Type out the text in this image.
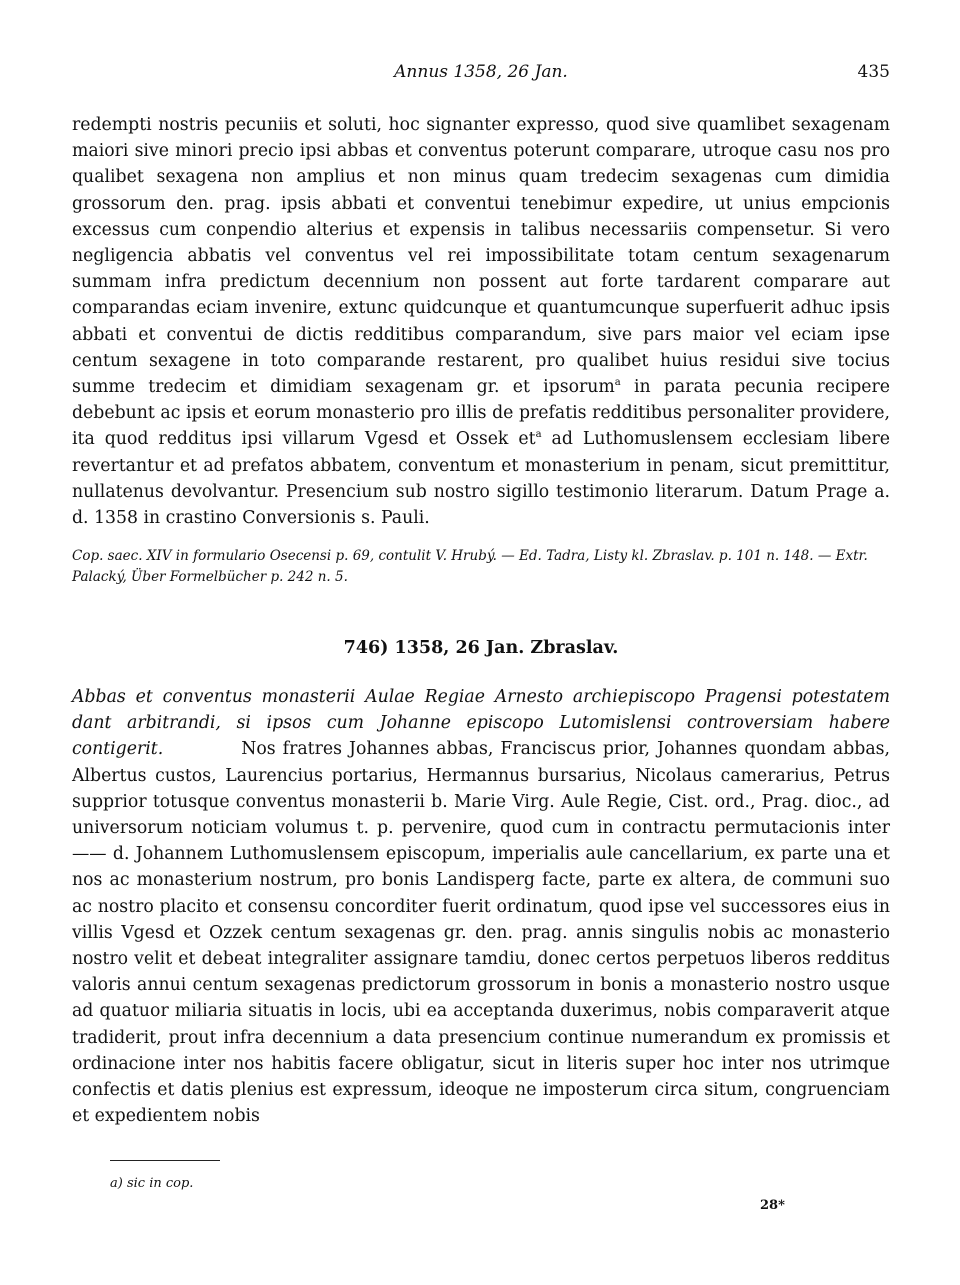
Annus 1358, 26 Jan.	435
redempti nostris pecuniis et soluti, hoc signanter expresso, quod sive quamlibet sexagenam maiori sive minori precio ipsi abbas et conventus poterunt comparare, utroque casu nos pro qualibet sexagena non amplius et non minus quam tredecim sexagenas cum dimidia grossorum den. prag. ipsis abbati et conventui tenebimur expedire, ut unius empcionis excessus cum conpendio alterius et expensis in talibus necessariis compensetur. Si vero negligencia abbatis vel conventus vel rei impossibilitate totam centum sexagenarum summam infra predictum decennium non possent aut forte tardarent comparare aut comparandas eciam invenire, extunc quidcunque et quantumcunque superfuerit adhuc ipsis abbati et conventui de dictis redditibus comparandum, sive pars maior vel eciam ipse centum sexagene in toto comparande restarent, pro qualibet huius residui sive tocius summe tredecim et dimidiam sexagenam gr. et ipsorum$^a$ in parata pecunia recipere debebunt ac ipsis et eorum monasterio pro illis de prefatis redditibus personaliter providere, ita quod redditus ipsi villarum Vgesd et Ossek $et^a$ ad Luthomuslensem ecclesiam libere revertantur et ad prefatos abbatem, conventum et monasterium in penam, sicut premittitur, nullatenus devolvantur. Presencium sub nostro sigillo testimonio literarum. Datum Prage a. d. 1358 in crastino Conversionis s. Pauli.
Cop. saec. XIV in formulario Osecensi p. 69, contulit V. Hrubý. — Ed. Tadra, Listy kl. Zbraslav. p. 101 n. 148. — Extr. Palacký, Über Formelbücher p. 242 n. 5.
746) 1358, 26 Jan. Zbraslav.
Abbas et conventus monasterii Aulae Regiae Arnesto archiepiscopo Pragensi potestatem dant arbitrandi, si ipsos cum Johanne episcopo Lutomislensi controversiam habere contigerit.	Nos fratres Johannes abbas, Franciscus prior, Johannes quondam abbas, Albertus custos, Laurencius portarius, Hermannus bursarius, Nicolaus camerarius, Petrus supprior totusque conventus monasterii b. Marie Virg. Aule Regie, Cist. ord., Prag. dioc., ad universorum noticiam volumus t. p. pervenire, quod cum in contractu permutacionis inter —— d. Johannem Luthomuslensem episcopum, imperialis aule cancellarium, ex parte una et nos ac monasterium nostrum, pro bonis Landisperg facte, parte ex altera, de communi suo ac nostro placito et consensu concorditer fuerit ordinatum, quod ipse vel successores eius in villis Vgesd et Ozzek centum sexagenas gr. den. prag. annis singulis nobis ac monasterio nostro velit et debeat integraliter assignare tamdiu, donec certos perpetuos liberos redditus valoris annui centum sexagenas predictorum grossorum in bonis a monasterio nostro usque ad quatuor miliaria situatis in locis, ubi ea acceptanda duxerimus, nobis comparaverit atque tradiderit, prout infra decennium a data presencium continue numerandum ex promissis et ordinacione inter nos habitis facere obligatur, sicut in literis super hoc inter nos utrimque confectis et datis plenius est expressum, ideoque ne imposterum circa situm, congruenciam et expedientem nobis
a) sic in cop.
28*
